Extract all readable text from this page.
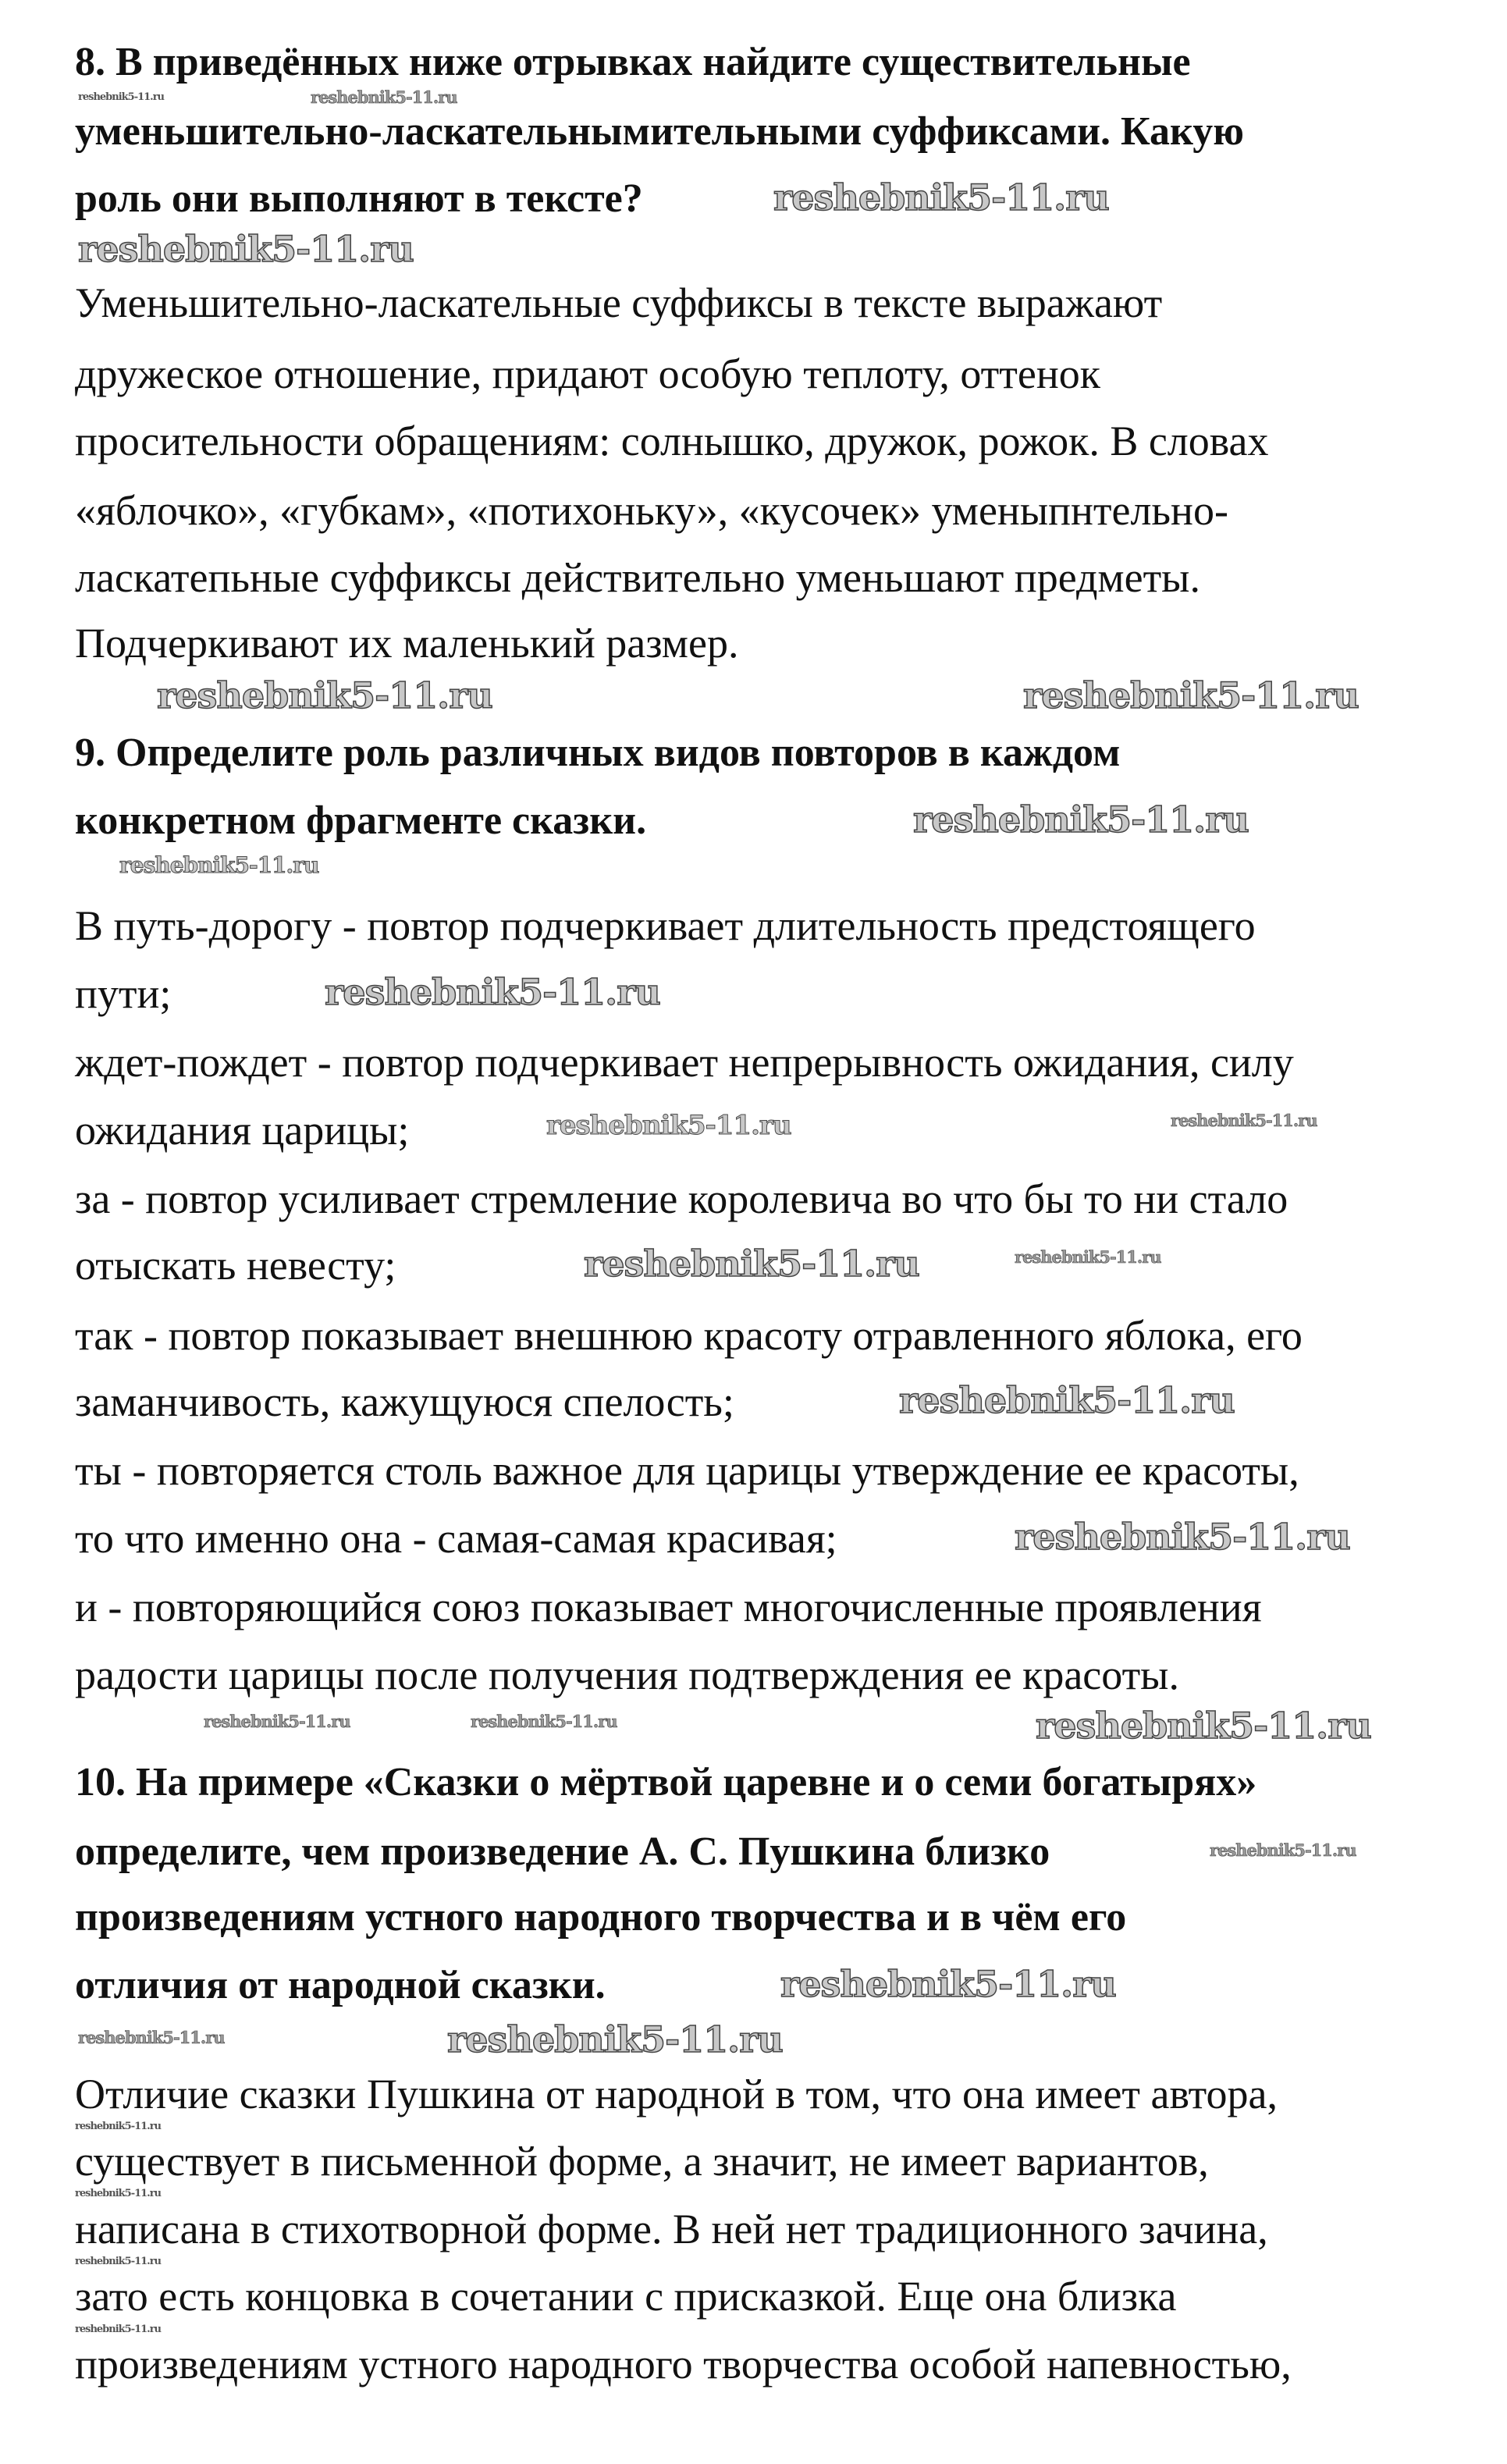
8. В приведённых ниже отрывках найдите существительные
уменьшительно-ласкательнымительными суффиксами. Какую
роль они выполняют в тексте?
Уменьшительно-ласкательные суффиксы в тексте выражают
дружеское отношение, придают особую теплоту, оттенок
просительности обращениям: солнышко, дружок, рожок. В словах
«яблочко», «губкам», «потихоньку», «кусочек» уменыпнтельно-
ласкатепьные суффиксы действительно уменьшают предметы.
Подчеркивают их маленький размер.
9. Определите роль различных видов повторов в каждом
конкретном фрагменте сказки.
В путь-дорогу - повтор подчеркивает длительность предстоящего
пути;
ждет-пождет - повтор подчеркивает непрерывность ожидания, силу
ожидания царицы;
за - повтор усиливает стремление королевича во что бы то ни стало
отыскать невесту;
так - повтор показывает внешнюю красоту отравленного яблока, его
заманчивость, кажущуюся спелость;
ты - повторяется столь важное для царицы утверждение ее красоты,
то что именно она - самая-самая красивая;
и - повторяющийся союз показывает многочисленные проявления
радости царицы после получения подтверждения ее красоты.
10. На примере «Сказки о мёртвой царевне и о семи богатырях»
определите, чем произведение А. С. Пушкина близко
произведениям устного народного творчества и в чём его
отличия от народной сказки.
Отличие сказки Пушкина от народной в том, что она имеет автора,
существует в письменной форме, а значит, не имеет вариантов,
написана в стихотворной форме. В ней нет традиционного зачина,
зато есть концовка в сочетании с присказкой. Еще она близка
произведениям устного народного творчества особой напевностью,
reshebnik5-11.ru
reshebnik5-11.ru
reshebnik5-11.ru
reshebnik5-11.ru
reshebnik5-11.ru
reshebnik5-11.ru
reshebnik5-11.ru
reshebnik5-11.ru
reshebnik5-11.ru
reshebnik5-11.ru
reshebnik5-11.ru
reshebnik5-11.ru
reshebnik5-11.ru
reshebnik5-11.ru
reshebnik5-11.ru
reshebnik5-11.ru
reshebnik5-11.ru
reshebnik5-11.ru	reshebnik5-11.ru
reshebnik5-11.ru
reshebnik5-11.ru
reshebnik5-11.ru
reshebnik5-11.ru
reshebnik5-11.ru
reshebnik5-11.ru
reshebnik5-11.ru
